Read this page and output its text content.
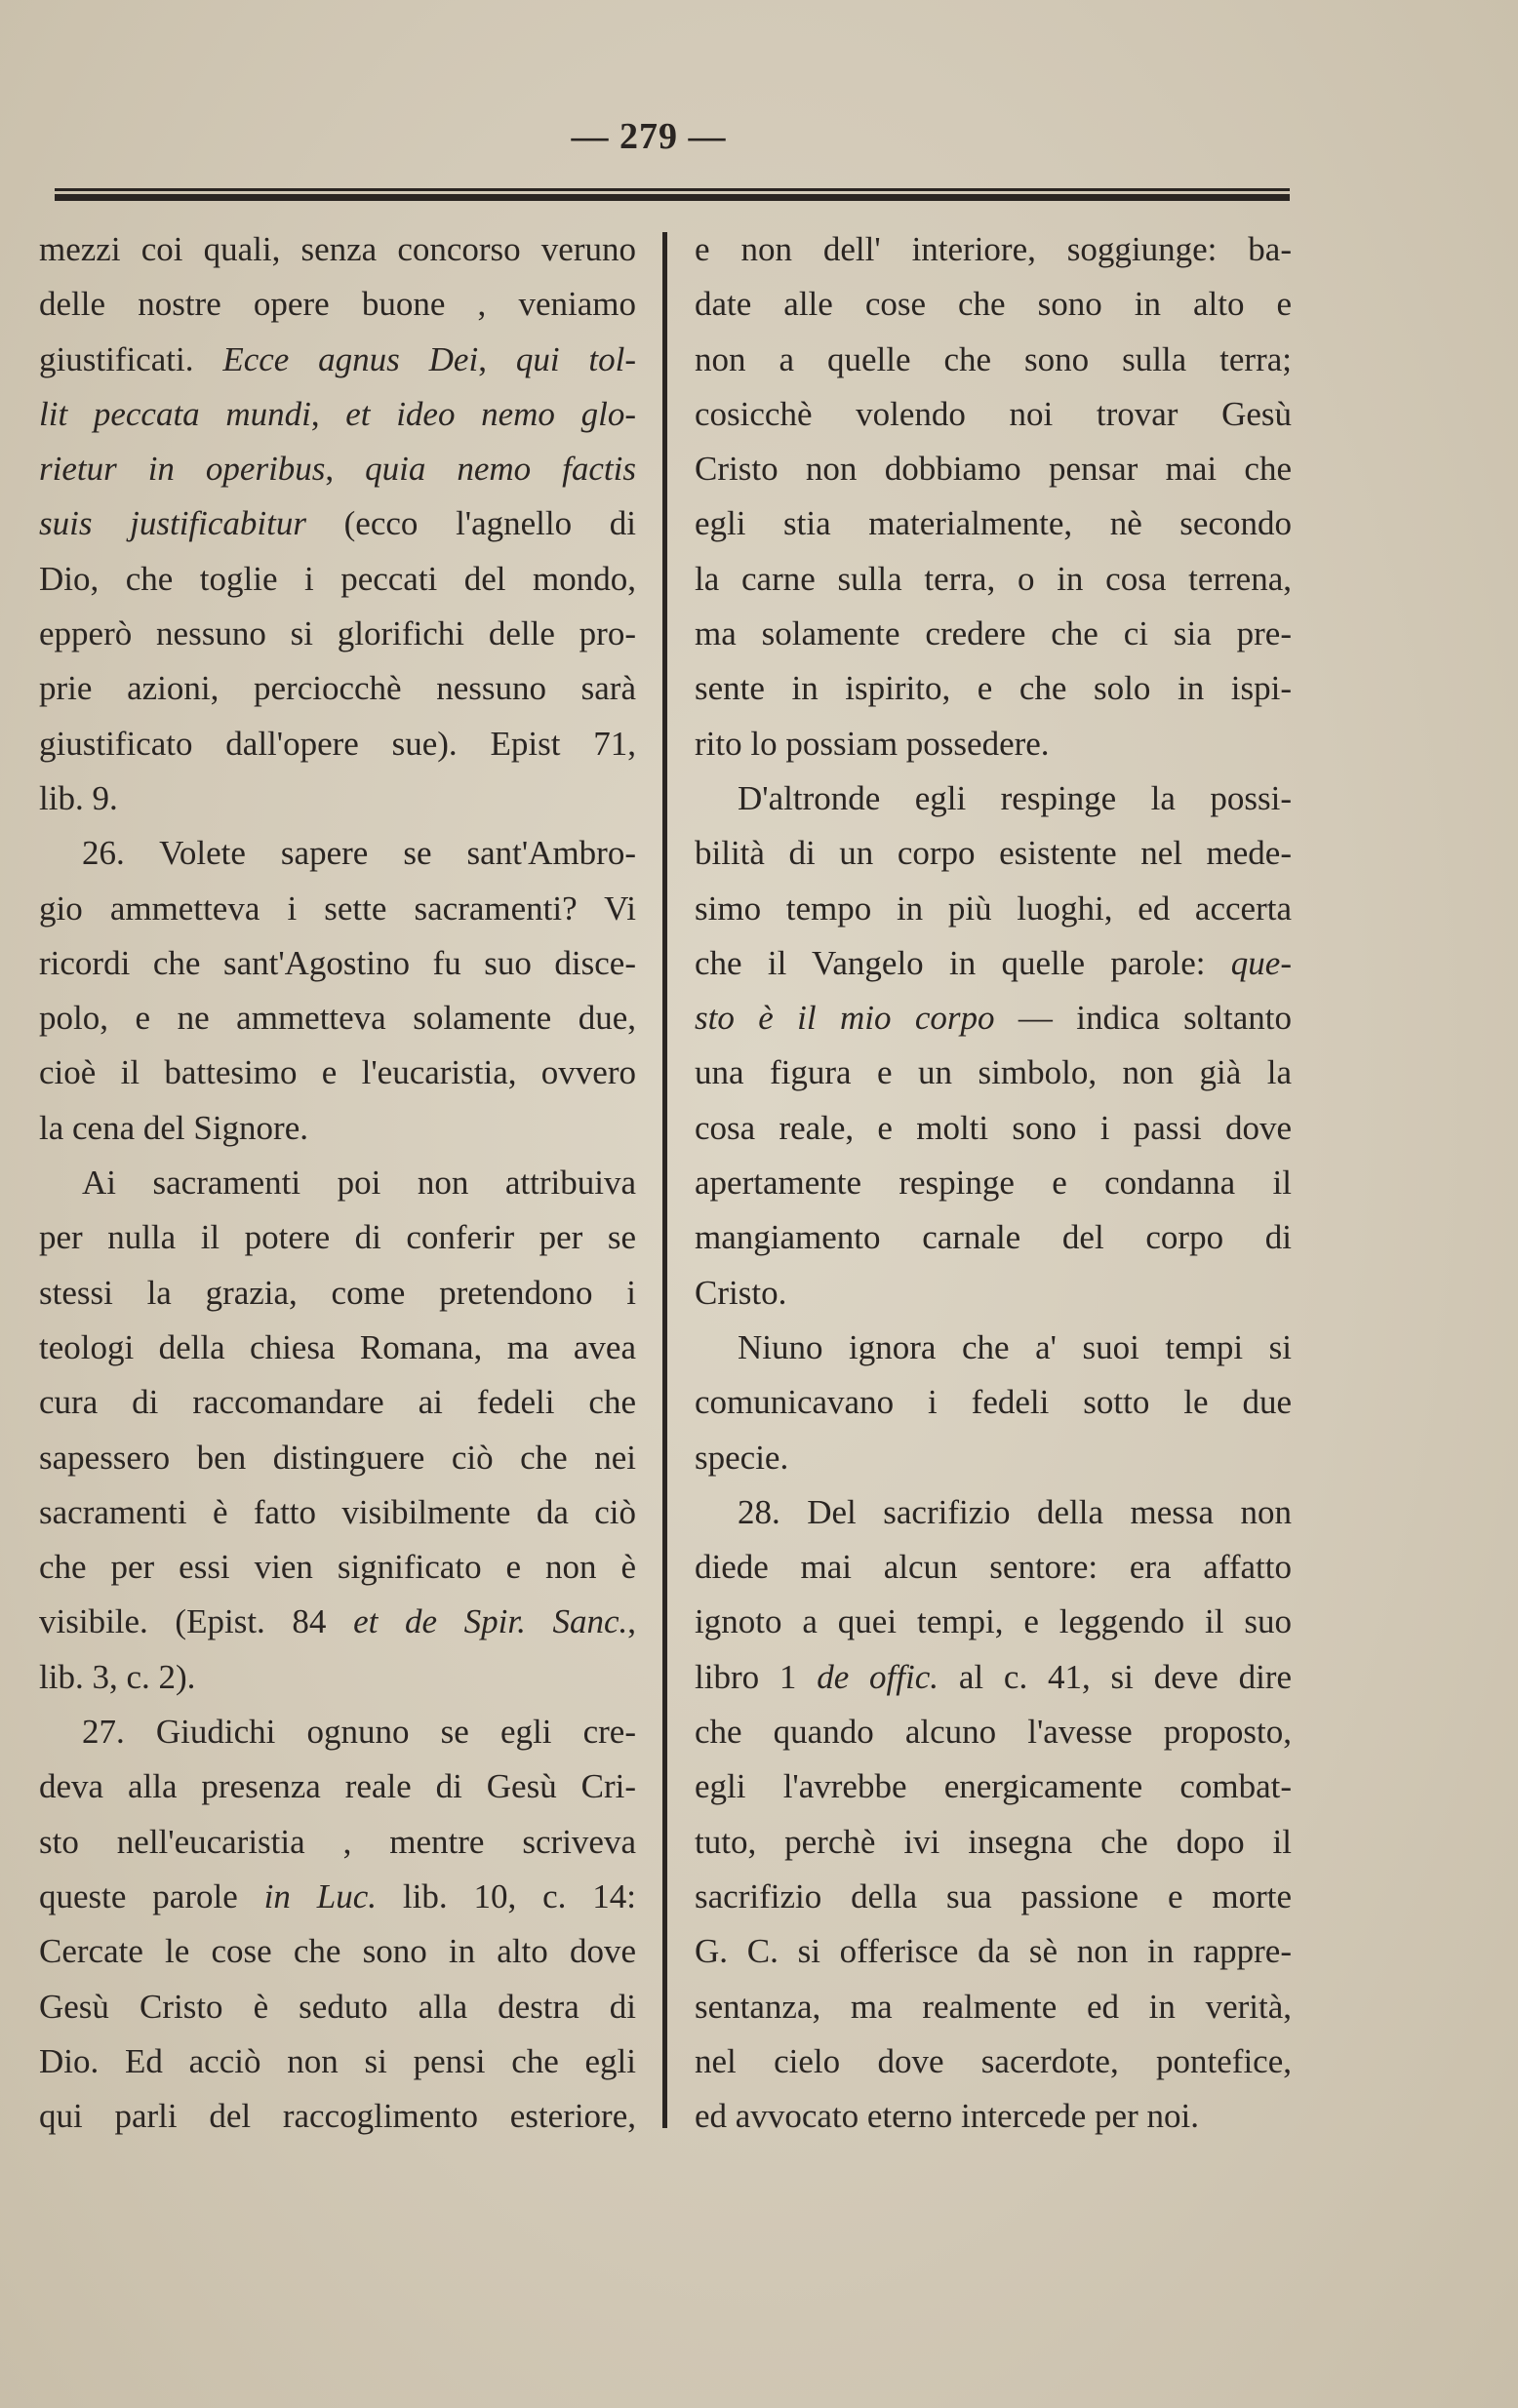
— 279 —
mezzi coi quali, senza concorso veruno
delle nostre opere buone , veniamo
giustificati. Ecce agnus Dei, qui tol-
lit peccata mundi, et ideo nemo glo-
rietur in operibus, quia nemo factis
suis justificabitur (ecco l'agnello di
Dio, che toglie i peccati del mondo,
epperò nessuno si glorifichi delle pro-
prie azioni, perciocchè nessuno sarà
giustificato dall'opere sue). Epist 71,
lib. 9.
26. Volete sapere se sant'Ambro-
gio ammetteva i sette sacramenti? Vi
ricordi che sant'Agostino fu suo disce-
polo, e ne ammetteva solamente due,
cioè il battesimo e l'eucaristia, ovvero
la cena del Signore.
Ai sacramenti poi non attribuiva
per nulla il potere di conferir per se
stessi la grazia, come pretendono i
teologi della chiesa Romana, ma avea
cura di raccomandare ai fedeli che
sapessero ben distinguere ciò che nei
sacramenti è fatto visibilmente da ciò
che per essi vien significato e non è
visibile. (Epist. 84 et de Spir. Sanc.,
lib. 3, c. 2).
27. Giudichi ognuno se egli cre-
deva alla presenza reale di Gesù Cri-
sto nell'eucaristia , mentre scriveva
queste parole in Luc. lib. 10, c. 14:
Cercate le cose che sono in alto dove
Gesù Cristo è seduto alla destra di
Dio. Ed acciò non si pensi che egli
qui parli del raccoglimento esteriore,
e non dell' interiore, soggiunge: ba-
date alle cose che sono in alto e
non a quelle che sono sulla terra;
cosicchè volendo noi trovar Gesù
Cristo non dobbiamo pensar mai che
egli stia materialmente, nè secondo
la carne sulla terra, o in cosa terrena,
ma solamente credere che ci sia pre-
sente in ispirito, e che solo in ispi-
rito lo possiam possedere.
D'altronde egli respinge la possi-
bilità di un corpo esistente nel mede-
simo tempo in più luoghi, ed accerta
che il Vangelo in quelle parole: que-
sto è il mio corpo — indica soltanto
una figura e un simbolo, non già la
cosa reale, e molti sono i passi dove
apertamente respinge e condanna il
mangiamento carnale del corpo di
Cristo.
Niuno ignora che a' suoi tempi si
comunicavano i fedeli sotto le due
specie.
28. Del sacrifizio della messa non
diede mai alcun sentore: era affatto
ignoto a quei tempi, e leggendo il suo
libro 1 de offic. al c. 41, si deve dire
che quando alcuno l'avesse proposto,
egli l'avrebbe energicamente combat-
tuto, perchè ivi insegna che dopo il
sacrifizio della sua passione e morte
G. C. si offerisce da sè non in rappre-
sentanza, ma realmente ed in verità,
nel cielo dove sacerdote, pontefice,
ed avvocato eterno intercede per noi.
